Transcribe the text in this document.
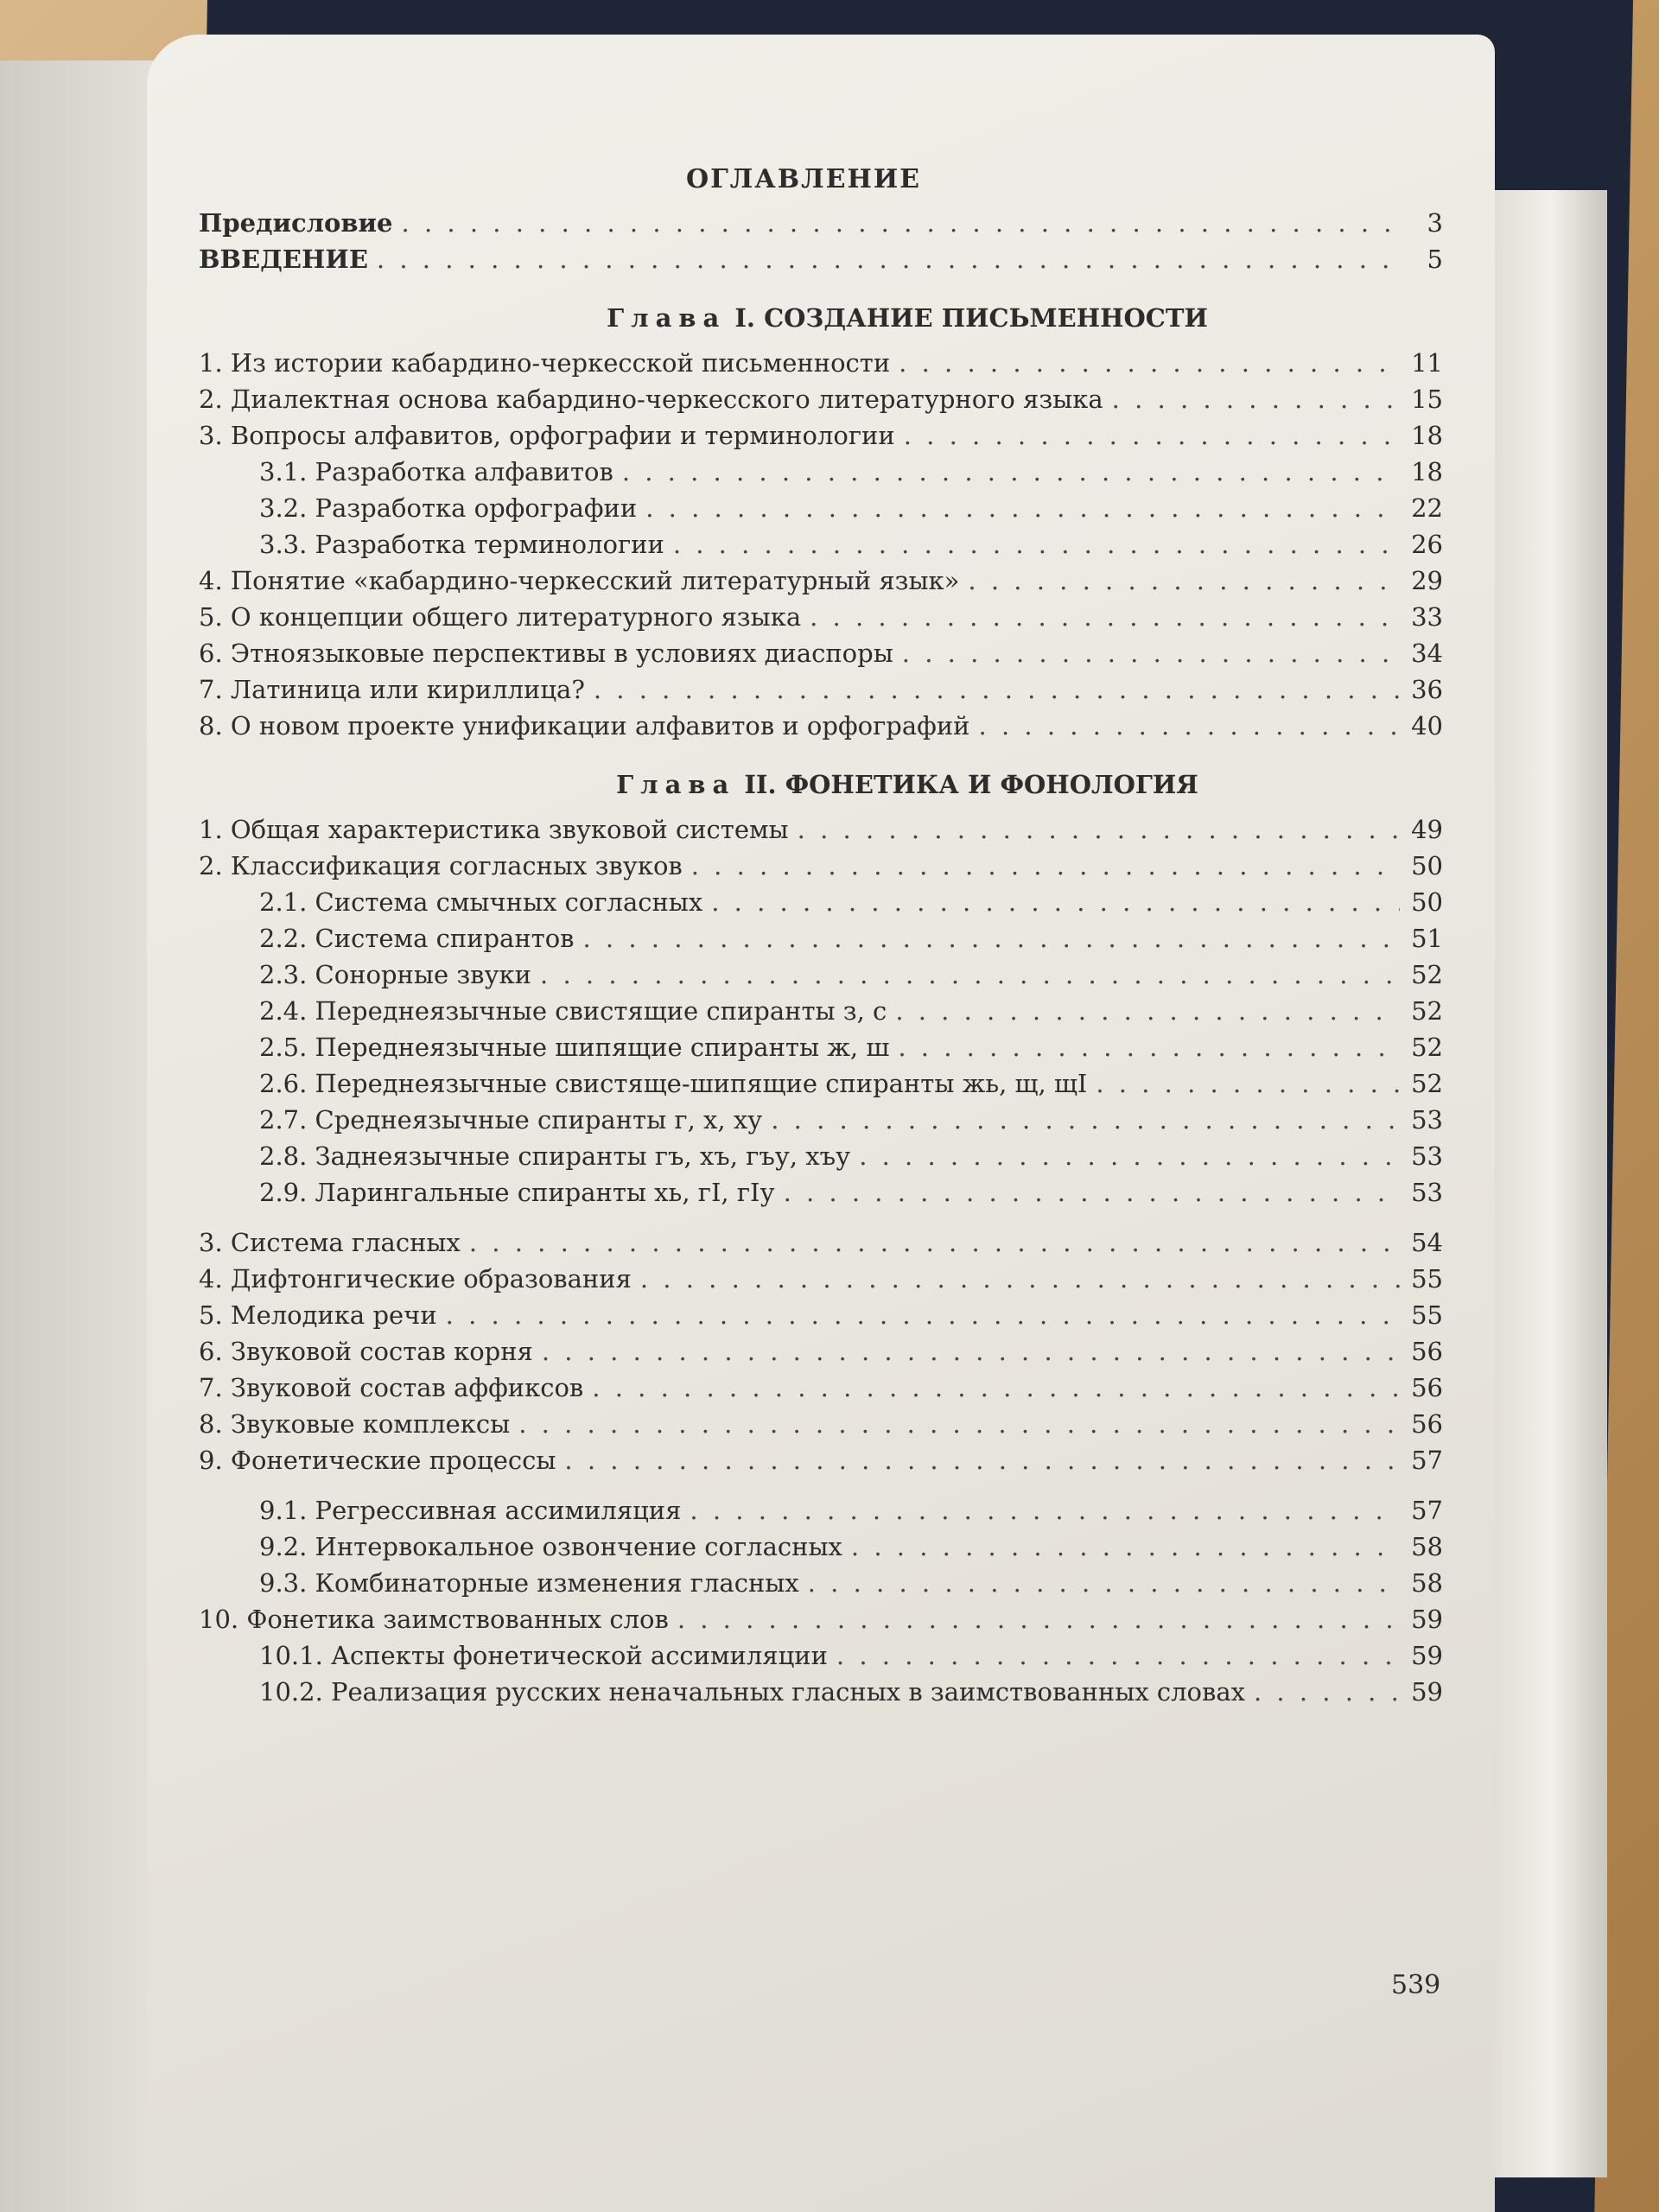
ОГЛАВЛЕНИЕ
Предисловие . . .	3
ВВЕДЕНИЕ . . .	5
Глава I. СОЗДАНИЕ ПИСЬМЕННОСТИ
1. Из истории кабардино-черкесской письменности . . .	11
2. Диалектная основа кабардино-черкесского литературного языка . . .	15
3. Вопросы алфавитов, орфографии и терминологии . . .	18
3.1. Разработка алфавитов . . .	18
3.2. Разработка орфографии . . .	22
3.3. Разработка терминологии . . .	26
4. Понятие «кабардино-черкесский литературный язык» . . .	29
5. О концепции общего литературного языка . . .	33
6. Этноязыковые перспективы в условиях диаспоры . . .	34
7. Латиница или кириллица? . . .	36
8. О новом проекте унификации алфавитов и орфографий . . .	40
Глава II. ФОНЕТИКА И ФОНОЛОГИЯ
1. Общая характеристика звуковой системы . . .	49
2. Классификация согласных звуков . . .	50
2.1. Система смычных согласных . . .	50
2.2. Система спирантов . . .	51
2.3. Сонорные звуки . . .	52
2.4. Переднеязычные свистящие спиранты з, с . . .	52
2.5. Переднеязычные шипящие спиранты ж, ш . . .	52
2.6. Переднеязычные свистяще-шипящие спиранты жь, щ, щI . . .	52
2.7. Среднеязычные спиранты г, х, ху . . .	53
2.8. Заднеязычные спиранты гъ, хъ, гъу, хъу . . .	53
2.9. Ларингальные спиранты хь, гI, гIу . . .	53
3. Система гласных . . .	54
4. Дифтонгические образования . . .	55
5. Мелодика речи . . .	55
6. Звуковой состав корня . . .	56
7. Звуковой состав аффиксов . . .	56
8. Звуковые комплексы . . .	56
9. Фонетические процессы . . .	57
9.1. Регрессивная ассимиляция . . .	57
9.2. Интервокальное озвончение согласных . . .	58
9.3. Комбинаторные изменения гласных . . .	58
10. Фонетика заимствованных слов . . .	59
10.1. Аспекты фонетической ассимиляции . . .	59
10.2. Реализация русских неначальных гласных в заимствованных словах . . .	59
539
